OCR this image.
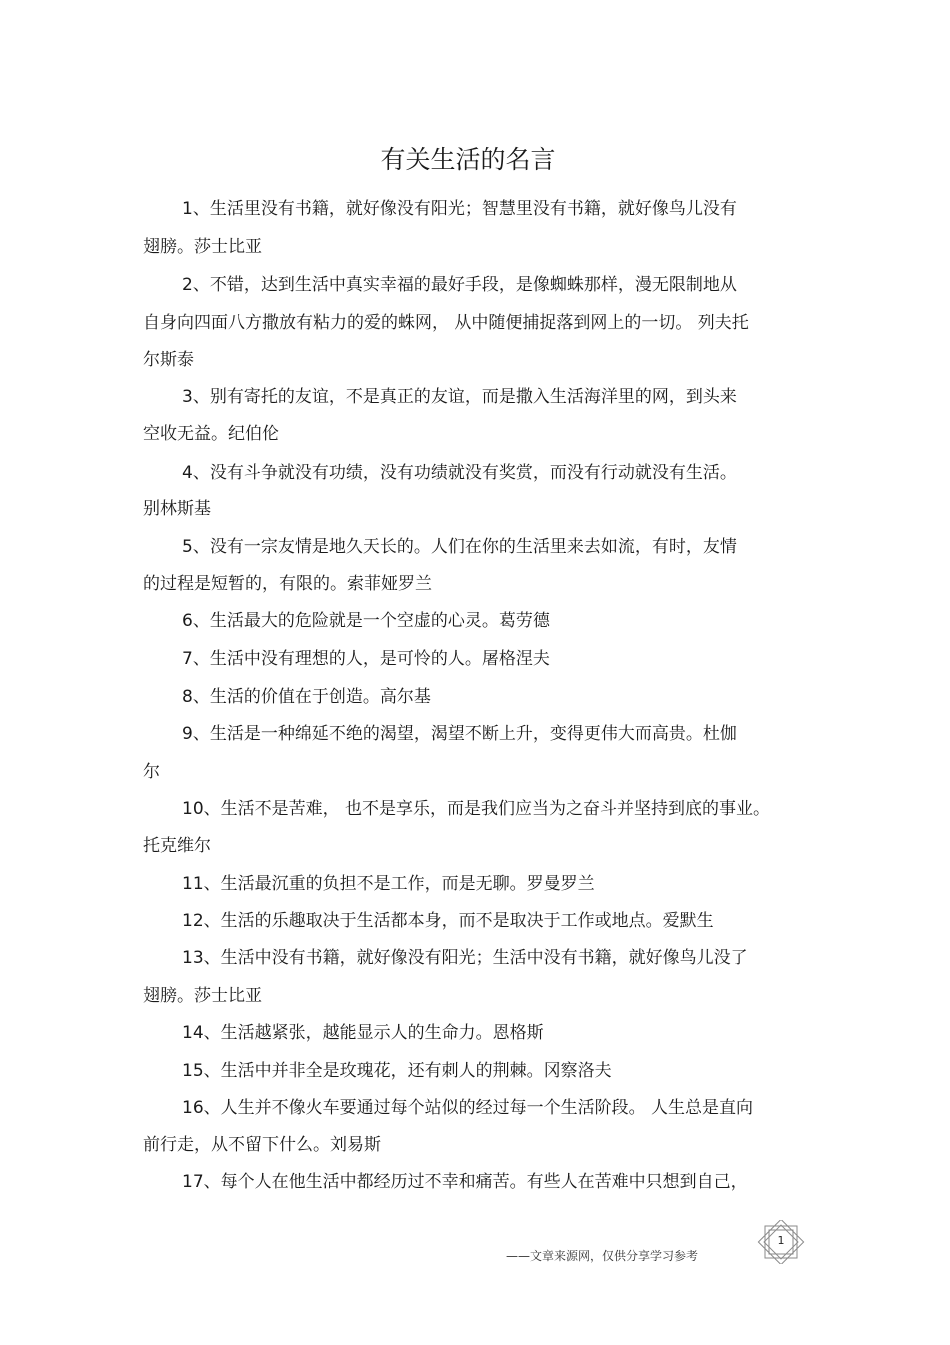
有关生活的名言
1、生活里没有书籍，就好像没有阳光；智慧里没有书籍，就好像鸟儿没有
翅膀。莎士比亚
2、不错，达到生活中真实幸福的最好手段，是像蜘蛛那样，漫无限制地从
自身向四面八方撒放有粘力的爱的蛛网， 从中随便捕捉落到网上的一切。 列夫托
尔斯泰
3、别有寄托的友谊，不是真正的友谊，而是撒入生活海洋里的网，到头来
空收无益。纪伯伦
4、没有斗争就没有功绩，没有功绩就没有奖赏，而没有行动就没有生活。
别林斯基
5、没有一宗友情是地久天长的。人们在你的生活里来去如流，有时，友情
的过程是短暂的，有限的。索菲娅罗兰
6、生活最大的危险就是一个空虚的心灵。葛劳德
7、生活中没有理想的人，是可怜的人。屠格涅夫
8、生活的价值在于创造。高尔基
9、生活是一种绵延不绝的渴望，渴望不断上升，变得更伟大而高贵。杜伽
尔
10、生活不是苦难， 也不是享乐，而是我们应当为之奋斗并坚持到底的事业。
托克维尔
11、生活最沉重的负担不是工作，而是无聊。罗曼罗兰
12、生活的乐趣取决于生活都本身，而不是取决于工作或地点。爱默生
13、生活中没有书籍，就好像没有阳光；生活中没有书籍，就好像鸟儿没了
翅膀。莎士比亚
14、生活越紧张，越能显示人的生命力。恩格斯
15、生活中并非全是玫瑰花，还有刺人的荆棘。冈察洛夫
16、人生并不像火车要通过每个站似的经过每一个生活阶段。 人生总是直向
前行走，从不留下什么。刘易斯
17、每个人在他生活中都经历过不幸和痛苦。有些人在苦难中只想到自己，
——文章来源网，仅供分享学习参考
1
